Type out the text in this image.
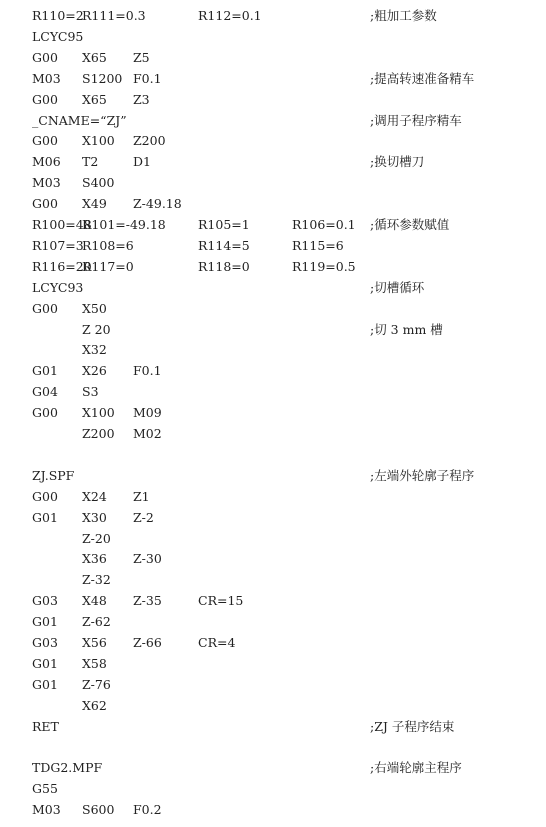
R110=2
R111=0.3	R112=0.1	;粗加工参数
LCYC95
G00 X65 Z5
M03 S1200 F0.1	;提高转速准备精车
G00 X65 Z3
_CNAME=“ZJ”	;调用子程序精车
G00 X100 Z200
M06 T2	D1	;换切槽刀
M03 S400
G00 X49 Z-49.18
R100=48
R101=-49.18	R105=1	R106=0.1 ;循环参数赋值
R107=3
R108=6	R114=5	R115=6
R116=20
R117=0	R118=0	R119=0.5
LCYC93	;切槽循环
G00 X50
Z 20	;切 3 mm 槽
X32
G01 X26 F0.1
G04 S3
G00 X100 M09
Z200 M02
ZJ.SPF	;左端外轮廓子程序
G00 X24 Z1
G01 X30 Z-2
Z-20
X36 Z-30
Z-32
G03 X48 Z-35	CR=15
G01 Z-62
G03 X56 Z-66	CR=4
G01 X58
G01 Z-76
X62
RET	;ZJ 子程序结束
TDG2.MPF	;右端轮廓主程序
G55
M03 S600 F0.2
